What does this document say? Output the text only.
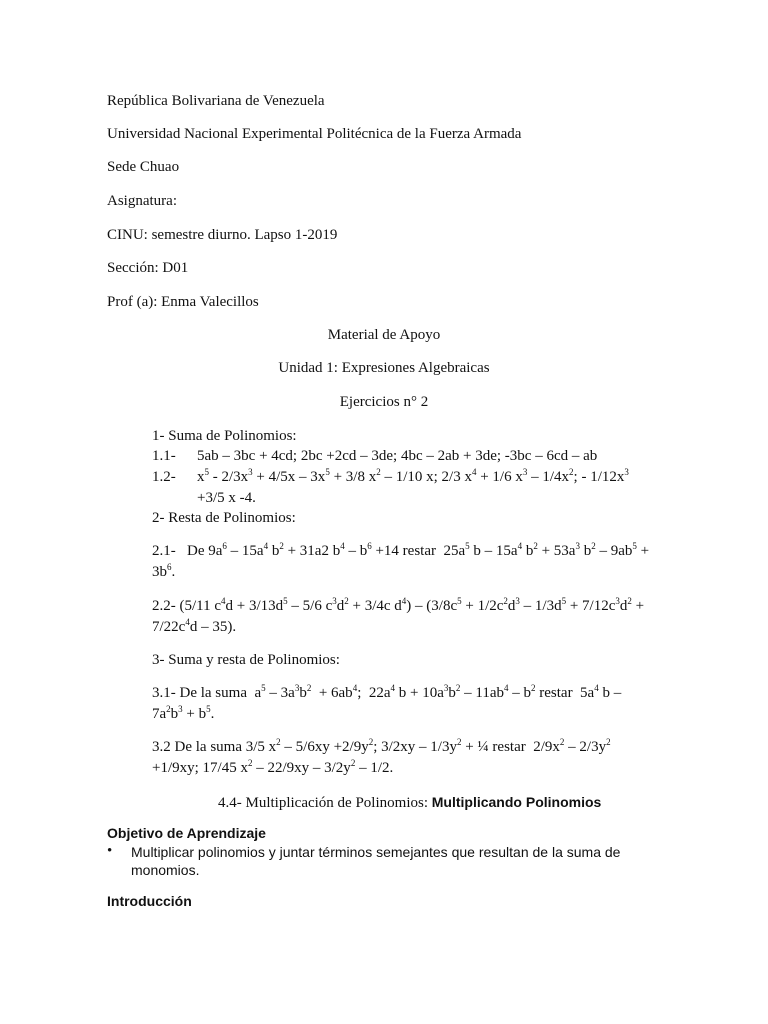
República Bolivariana de Venezuela

Universidad Nacional Experimental Politécnica de la Fuerza Armada

Sede Chuao

Asignatura:

CINU: semestre diurno. Lapso 1-2019

Sección: D01

Prof (a): Enma Valecillos

Material de Apoyo

Unidad 1: Expresiones Algebraicas

Ejercicios n° 2

1- Suma de Polinomios:

1.1- 5ab – 3bc + 4cd; 2bc +2cd – 3de; 4bc – 2ab + 3de; -3bc – 6cd – ab
1.2- $x^5 - 2/3x^3 + 4/5x - 3x^5 + 3/8$ $x^2 - 1/10$ x; 2/3 $x^4 + 1/6$ $x^3 - 1/4x^2$; - $1/12x^3$
+3/5 x -4.

2- Resta de Polinomios:

2.1-   De $9a^6 - 15a^4$ $b^2 + 31a2$ $b^4 - b^6 +14$ restar  $25a^5$ b – $15a^4$ $b^2 + 53a^3$ $b^2 - 9ab^5$ +
$3b^6$.
2.2- (5/11 $c^4d + 3/13d^5 - 5/6$ $c^3d^2 + 3/4c$ $d^4) - (3/8c^5 + 1/2c^2d^3 - 1/3d^5 + 7/12c^3d^2$ +
$7/22c^4d - 35$).

3- Suma y resta de Polinomios:

3.1- De la suma  $a^5 - 3a^3b^2 + 6ab^4$;  $22a^4$ $b + 10a^3b^2 - 11ab^4 - b^2$ restar  $5a^4$ b –
$7a^2b^3 + b^5$.
3.2 De la suma 3/5 $x^2 - 5/6xy +2/9y^2$; $3/2xy - 1/3y^2$ + ¼ restar  $2/9x^2 - 2/3y^2$
+1/9xy; 17/45 $x^2 - 22/9xy - 3/2y^2 - 1/2$.

4.4- Multiplicación de Polinomios: Multiplicando Polinomios

Objetivo de Aprendizaje

• Multiplicar polinomios y juntar términos semejantes que resultan de la suma de

monomios.

Introducción
